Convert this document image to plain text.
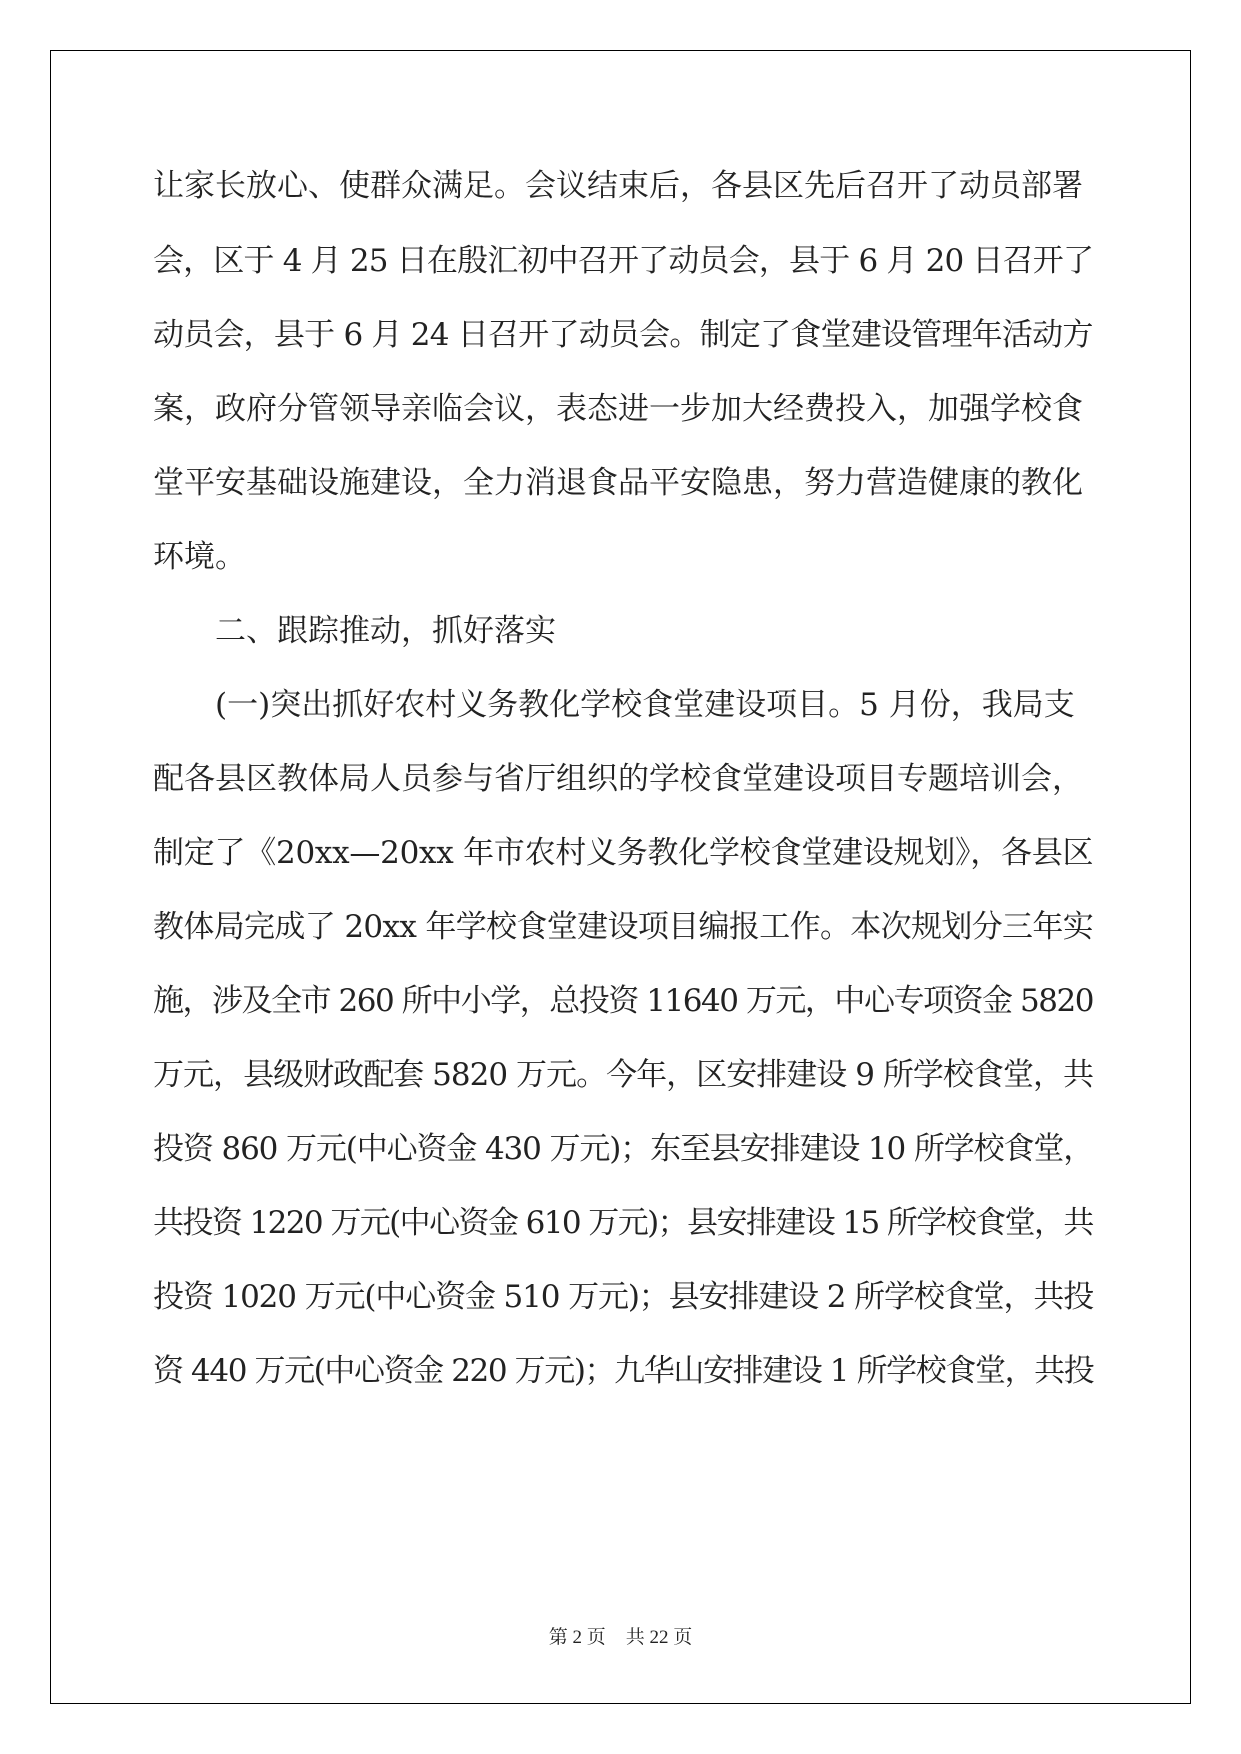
让家长放心、使群众满足。会议结束后，各县区先后召开了动员部署

会，区于 4 月 25 日在殷汇初中召开了动员会，县于 6 月 20 日召开了

动员会，县于 6 月 24 日召开了动员会。制定了食堂建设管理年活动方

案，政府分管领导亲临会议，表态进一步加大经费投入，加强学校食

堂平安基础设施建设，全力消退食品平安隐患，努力营造健康的教化

环境。

　　二、跟踪推动，抓好落实

　　(一)突出抓好农村义务教化学校食堂建设项目。5 月份，我局支

配各县区教体局人员参与省厅组织的学校食堂建设项目专题培训会，

制定了《20xx—20xx 年市农村义务教化学校食堂建设规划》，各县区

教体局完成了 20xx 年学校食堂建设项目编报工作。本次规划分三年实

施，涉及全市 260 所中小学，总投资 11640 万元，中心专项资金 5820

万元，县级财政配套 5820 万元。今年，区安排建设 9 所学校食堂，共

投资 860 万元(中心资金 430 万元)；东至县安排建设 10 所学校食堂，

共投资 1220 万元(中心资金 610 万元)；县安排建设 15 所学校食堂，共

投资 1020 万元(中心资金 510 万元)；县安排建设 2 所学校食堂，共投

资 440 万元(中心资金 220 万元)；九华山安排建设 1 所学校食堂，共投

第 2 页 共 22 页
